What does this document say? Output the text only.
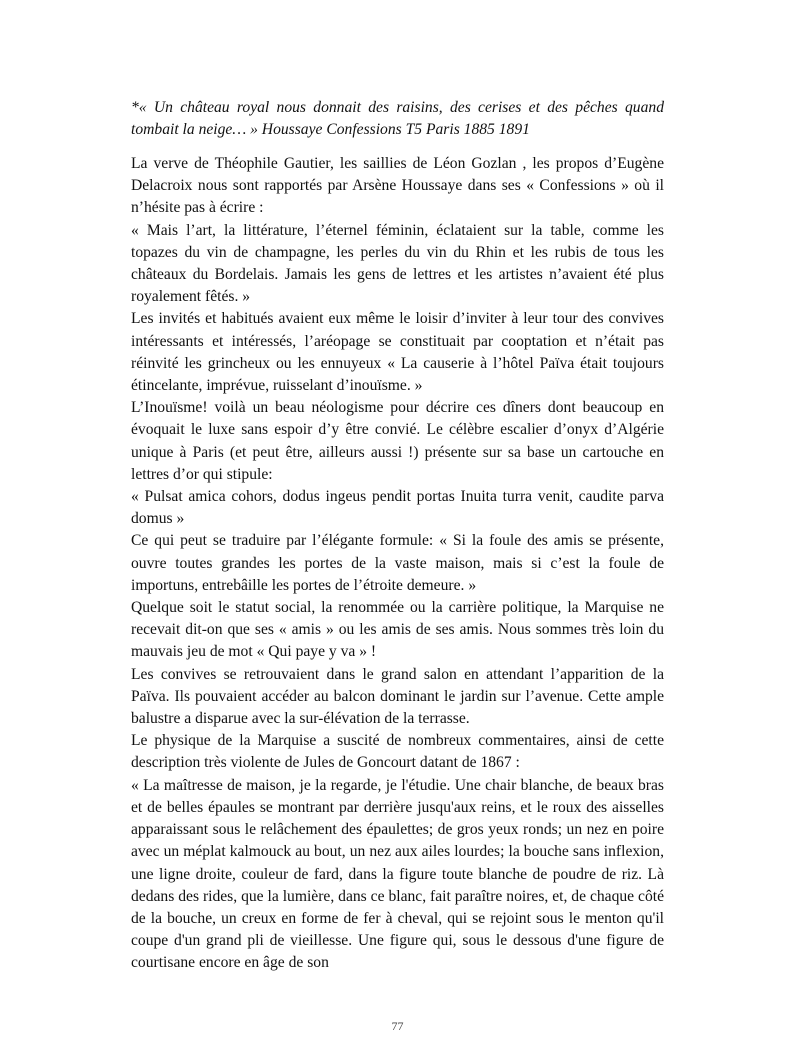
*« Un château royal nous donnait des raisins, des cerises et des pêches quand tombait la neige… » Houssaye Confessions T5 Paris 1885 1891

La verve de Théophile Gautier, les saillies de Léon Gozlan , les propos d’Eugène Delacroix nous sont rapportés par Arsène Houssaye dans ses « Confessions » où il n’hésite pas à écrire :

« Mais l’art, la littérature, l’éternel féminin, éclataient sur la table, comme les topazes du vin de champagne, les perles du vin du Rhin et les rubis de tous les châteaux du Bordelais. Jamais les gens de lettres et les artistes n’avaient été plus royalement fêtés. »

Les invités et habitués avaient eux même le loisir d’inviter à leur tour des convives intéressants et intéressés, l’aréopage se constituait par cooptation et n’était pas réinvité les grincheux ou les ennuyeux « La causerie à l’hôtel Païva était toujours étincelante, imprévue, ruisselant d’inouïsme. »

L’Inouïsme! voilà un beau néologisme pour décrire ces dîners dont beaucoup en évoquait le luxe sans espoir d’y être convié. Le célèbre escalier d’onyx d’Algérie unique à Paris (et peut être, ailleurs aussi !) présente sur sa base un cartouche en lettres d’or qui stipule:

« Pulsat amica cohors, dodus ingeus pendit portas Inuita turra venit, caudite parva domus »

Ce qui peut se traduire par l’élégante formule: « Si la foule des amis se présente, ouvre toutes grandes les portes de la vaste maison, mais si c’est la foule de importuns, entrebâille les portes de l’étroite demeure. »

Quelque soit le statut social, la renommée ou la carrière politique, la Marquise ne recevait dit-on que ses « amis » ou les amis de ses amis. Nous sommes très loin du mauvais jeu de mot « Qui paye y va » !

Les convives se retrouvaient dans le grand salon en attendant l’apparition de la Païva. Ils pouvaient accéder au balcon dominant le jardin sur l’avenue. Cette ample balustre a disparue avec la sur-élévation de la terrasse.

Le physique de la Marquise a suscité de nombreux commentaires, ainsi de cette description très violente de Jules de Goncourt datant de 1867 :

« La maîtresse de maison, je la regarde, je l'étudie. Une chair blanche, de beaux bras et de belles épaules se montrant par derrière jusqu'aux reins, et le roux des aisselles apparaissant sous le relâchement des épaulettes; de gros yeux ronds; un nez en poire avec un méplat kalmouck au bout, un nez aux ailes lourdes; la bouche sans inflexion, une ligne droite, couleur de fard, dans la figure toute blanche de poudre de riz. Là dedans des rides, que la lumière, dans ce blanc, fait paraître noires, et, de chaque côté de la bouche, un creux en forme de fer à cheval, qui se rejoint sous le menton qu'il coupe d'un grand pli de vieillesse. Une figure qui, sous le dessous d'une figure de courtisane encore en âge de son

77
